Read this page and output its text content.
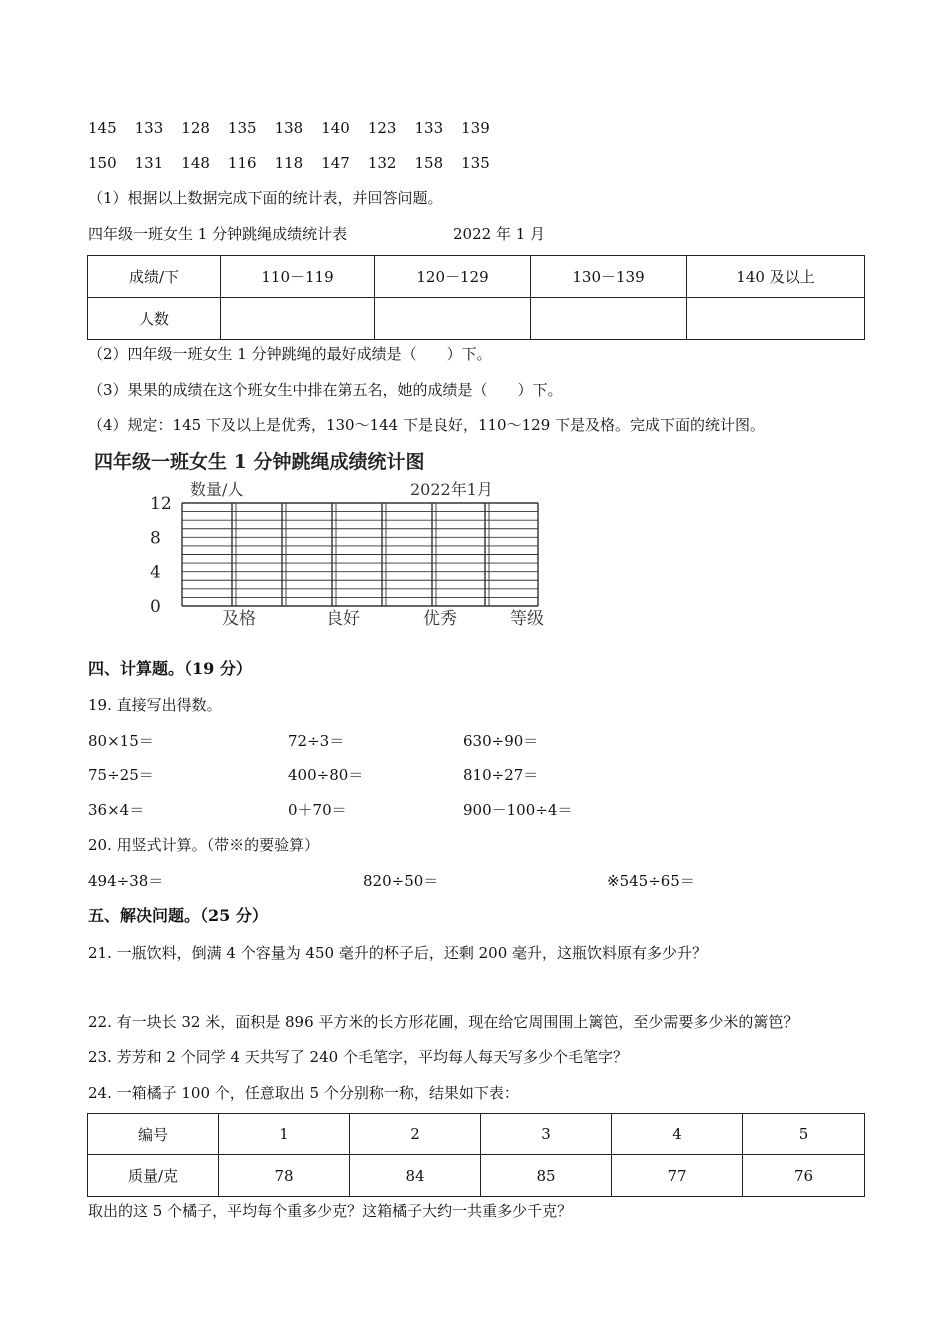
145 133 128 135 138 140 123 133 139
150 131 148 116 118 147 132 158 135
（1）根据以上数据完成下面的统计表，并回答问题。
四年级一班女生 1 分钟跳绳成绩统计表	2022 年 1 月
成绩/下	110－119	120－129	130－139	140 及以上
人数				
（2）四年级一班女生 1 分钟跳绳的最好成绩是（　　）下。
（3）果果的成绩在这个班女生中排在第五名，她的成绩是（　　）下。
（4）规定：145 下及以上是优秀，130～144 下是良好，110～129 下是及格。完成下面的统计图。
四年级一班女生 1 分钟跳绳成绩统计图
数量/人	2022年1月
等级
0
4
8
12
及格	良好	优秀
四、计算题。（19 分）
19. 直接写出得数。
80×15＝	72÷3＝	630÷90＝
75÷25＝	400÷80＝	810÷27＝
36×4＝	0＋70＝	900－100÷4＝
20. 用竖式计算。（带※的要验算）
494÷38＝	820÷50＝	※545÷65＝
五、解决问题。（25 分）
21. 一瓶饮料，倒满 4 个容量为 450 毫升的杯子后，还剩 200 毫升，这瓶饮料原有多少升？
22. 有一块长 32 米，面积是 896 平方米的长方形花圃，现在给它周围围上篱笆，至少需要多少米的篱笆？
23. 芳芳和 2 个同学 4 天共写了 240 个毛笔字，平均每人每天写多少个毛笔字？
24. 一箱橘子 100 个，任意取出 5 个分别称一称，结果如下表：
编号	1	2	3	4	5
质量/克	78	84	85	77	76
取出的这 5 个橘子，平均每个重多少克？这箱橘子大约一共重多少千克？
